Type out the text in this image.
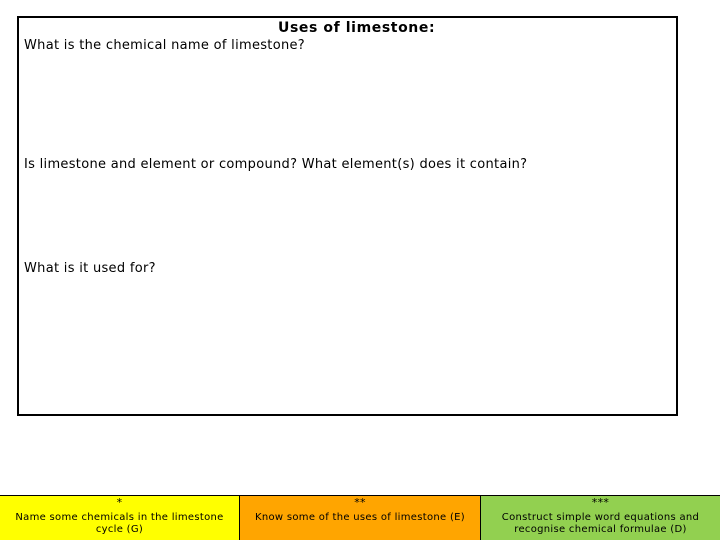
Uses of limestone:
What is the chemical name of limestone?
Is limestone and element or compound? What element(s) does it contain?
What is it used for?
*
Name some chemicals in the limestone cycle (G)
**
Know some of the uses of limestone (E)
***
Construct simple word equations and recognise chemical formulae (D)
